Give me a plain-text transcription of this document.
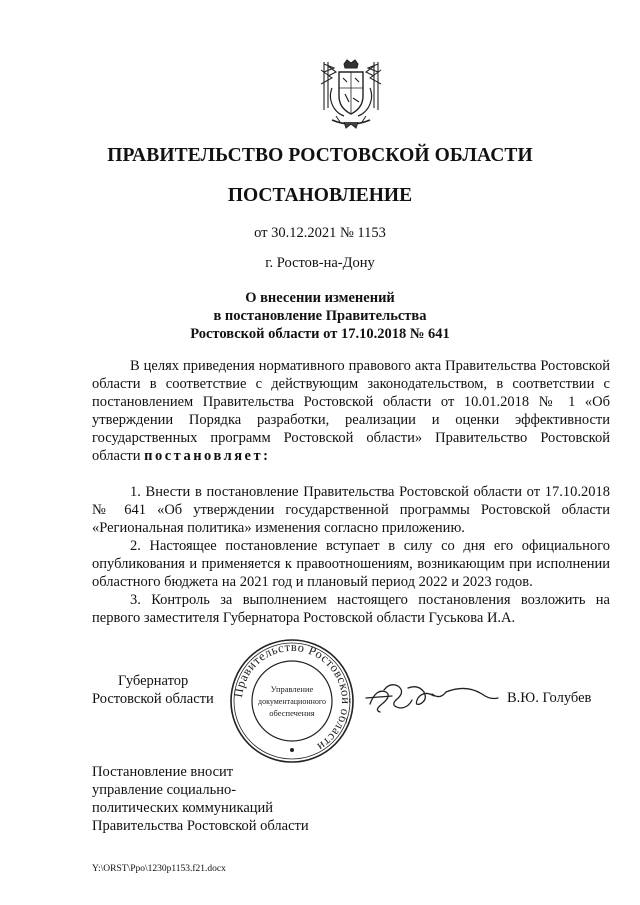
ПРАВИТЕЛЬСТВО РОСТОВСКОЙ ОБЛАСТИ
ПОСТАНОВЛЕНИЕ
от 30.12.2021 № 1153
г. Ростов-на-Дону
О внесении изменений
в постановление Правительства
Ростовской области от 17.10.2018 № 641

В целях приведения нормативного правового акта Правительства Ростовской области в соответствие с действующим законодательством, в соответствии с постановлением Правительства Ростовской области от 10.01.2018 № 1 «Об утверждении Порядка разработки, реализации и оценки эффективности государственных программ Ростовской области» Правительство Ростовской области постановляет:

1. Внести в постановление Правительства Ростовской области от 17.10.2018 № 641 «Об утверждении государственной программы Ростовской области «Региональная политика» изменения согласно приложению.

2. Настоящее постановление вступает в силу со дня его официального опубликования и применяется к правоотношениям, возникающим при исполнении областного бюджета на 2021 год и плановый период 2022 и 2023 годов.

3. Контроль за выполнением настоящего постановления возложить на первого заместителя Губернатора Ростовской области Гуськова И.А.

Губернатор
Ростовской области Правительство Ростовской области
Управление
документационного
обеспечения
В.Ю. Голубев
Постановление вносит
управление социально-
политических коммуникаций
Правительства Ростовской области
Y:\ORST\Ppo\1230p1153.f21.docx
